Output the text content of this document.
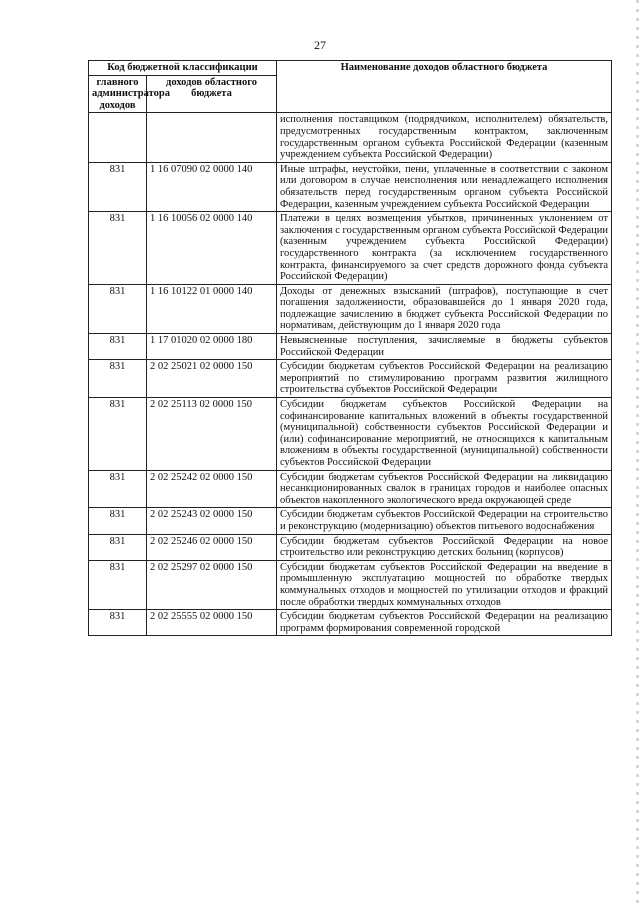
27
Код бюджетной классификации		Наименование доходов областного бюджета
главного администратора доходов	доходов областного бюджета	
		исполнения поставщиком (подрядчиком, исполнителем) обязательств, предусмотренных государственным контрактом, заключенным государственным органом субъекта Российской Федерации (казенным учреждением субъекта Российской Федерации)
831	1 16 07090 02 0000 140	Иные штрафы, неустойки, пени, уплаченные в соответствии с законом или договором в случае неисполнения или ненадлежащего исполнения обязательств перед государственным органом субъекта Российской Федерации, казенным учреждением субъекта Российской Федерации
831	1 16 10056 02 0000 140	Платежи в целях возмещения убытков, причиненных уклонением от заключения с государственным органом субъекта Российской Федерации (казенным учреждением субъекта Российской Федерации) государственного контракта (за исключением государственного контракта, финансируемого за счет средств дорожного фонда субъекта Российской Федерации)
831	1 16 10122 01 0000 140	Доходы от денежных взысканий (штрафов), поступающие в счет погашения задолженности, образовавшейся до 1 января 2020 года, подлежащие зачислению в бюджет субъекта Российской Федерации по нормативам, действующим до 1 января 2020 года
831	1 17 01020 02 0000 180	Невыясненные поступления, зачисляемые в бюджеты субъектов Российской Федерации
831	2 02 25021 02 0000 150	Субсидии бюджетам субъектов Российской Федерации на реализацию мероприятий по стимулированию программ развития жилищного строительства субъектов Российской Федерации
831	2 02 25113 02 0000 150	Субсидии бюджетам субъектов Российской Федерации на софинансирование капитальных вложений в объекты государственной (муниципальной) собственности субъектов Российской Федерации и (или) софинансирование мероприятий, не относящихся к капитальным вложениям в объекты государственной (муниципальной) собственности субъектов Российской Федерации
831	2 02 25242 02 0000 150	Субсидии бюджетам субъектов Российской Федерации на ликвидацию несанкционированных свалок в границах городов и наиболее опасных объектов накопленного экологического вреда окружающей среде
831	2 02 25243 02 0000 150	Субсидии бюджетам субъектов Российской Федерации на строительство и реконструкцию (модернизацию) объектов питьевого водоснабжения
831	2 02 25246 02 0000 150	Субсидии бюджетам субъектов Российской Федерации на новое строительство или реконструкцию детских больниц (корпусов)
831	2 02 25297 02 0000 150	Субсидии бюджетам субъектов Российской Федерации на введение в промышленную эксплуатацию мощностей по обработке твердых коммунальных отходов и мощностей по утилизации отходов и фракций после обработки твердых коммунальных отходов
831	2 02 25555 02 0000 150	Субсидии бюджетам субъектов Российской Федерации на реализацию программ формирования современной городской
